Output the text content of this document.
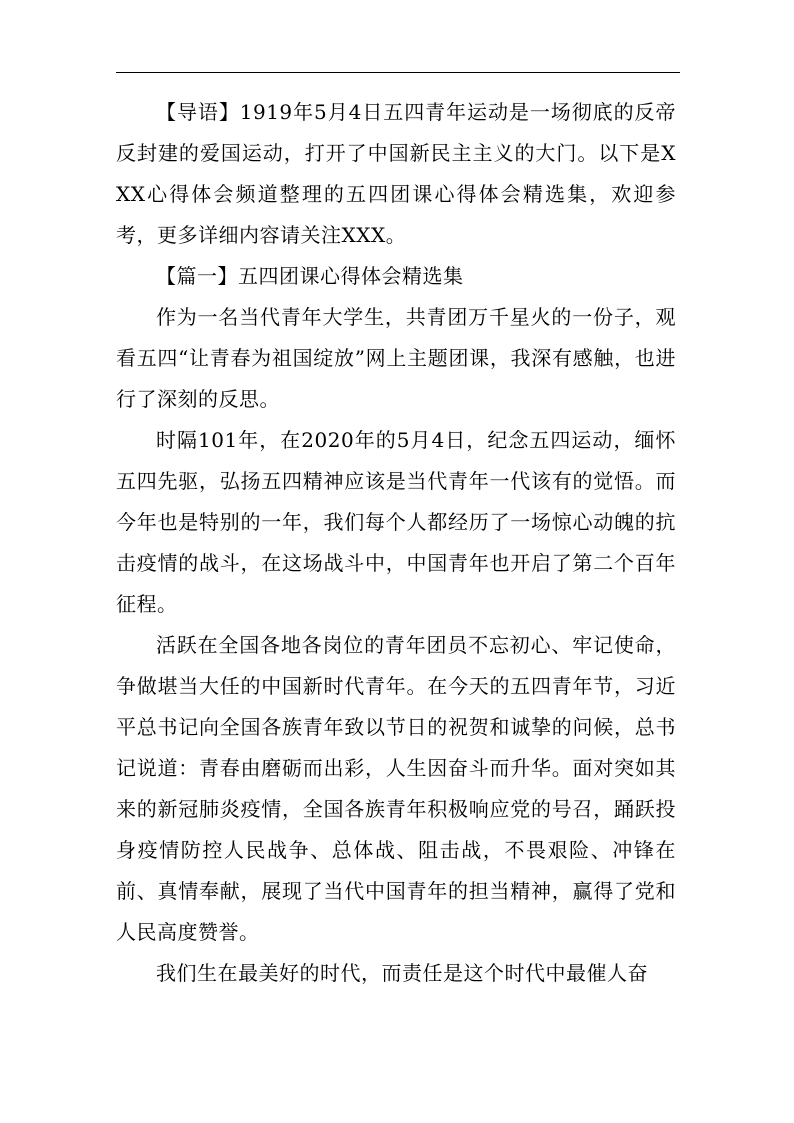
【导语】1919年5月4日五四青年运动是一场彻底的反帝反封建的爱国运动，打开了中国新民主主义的大门。以下是XXX心得体会频道整理的五四团课心得体会精选集，欢迎参考，更多详细内容请关注XXX。

【篇一】五四团课心得体会精选集

作为一名当代青年大学生，共青团万千星火的一份子，观看五四“让青春为祖国绽放”网上主题团课，我深有感触，也进行了深刻的反思。

时隔101年，在2020年的5月4日，纪念五四运动，缅怀五四先驱，弘扬五四精神应该是当代青年一代该有的觉悟。而今年也是特别的一年，我们每个人都经历了一场惊心动魄的抗击疫情的战斗，在这场战斗中，中国青年也开启了第二个百年征程。

活跃在全国各地各岗位的青年团员不忘初心、牢记使命，争做堪当大任的中国新时代青年。在今天的五四青年节，习近平总书记向全国各族青年致以节日的祝贺和诚挚的问候，总书记说道：青春由磨砺而出彩，人生因奋斗而升华。面对突如其来的新冠肺炎疫情，全国各族青年积极响应党的号召，踊跃投身疫情防控人民战争、总体战、阻击战，不畏艰险、冲锋在前、真情奉献，展现了当代中国青年的担当精神，赢得了党和人民高度赞誉。

我们生在最美好的时代，而责任是这个时代中最催人奋
